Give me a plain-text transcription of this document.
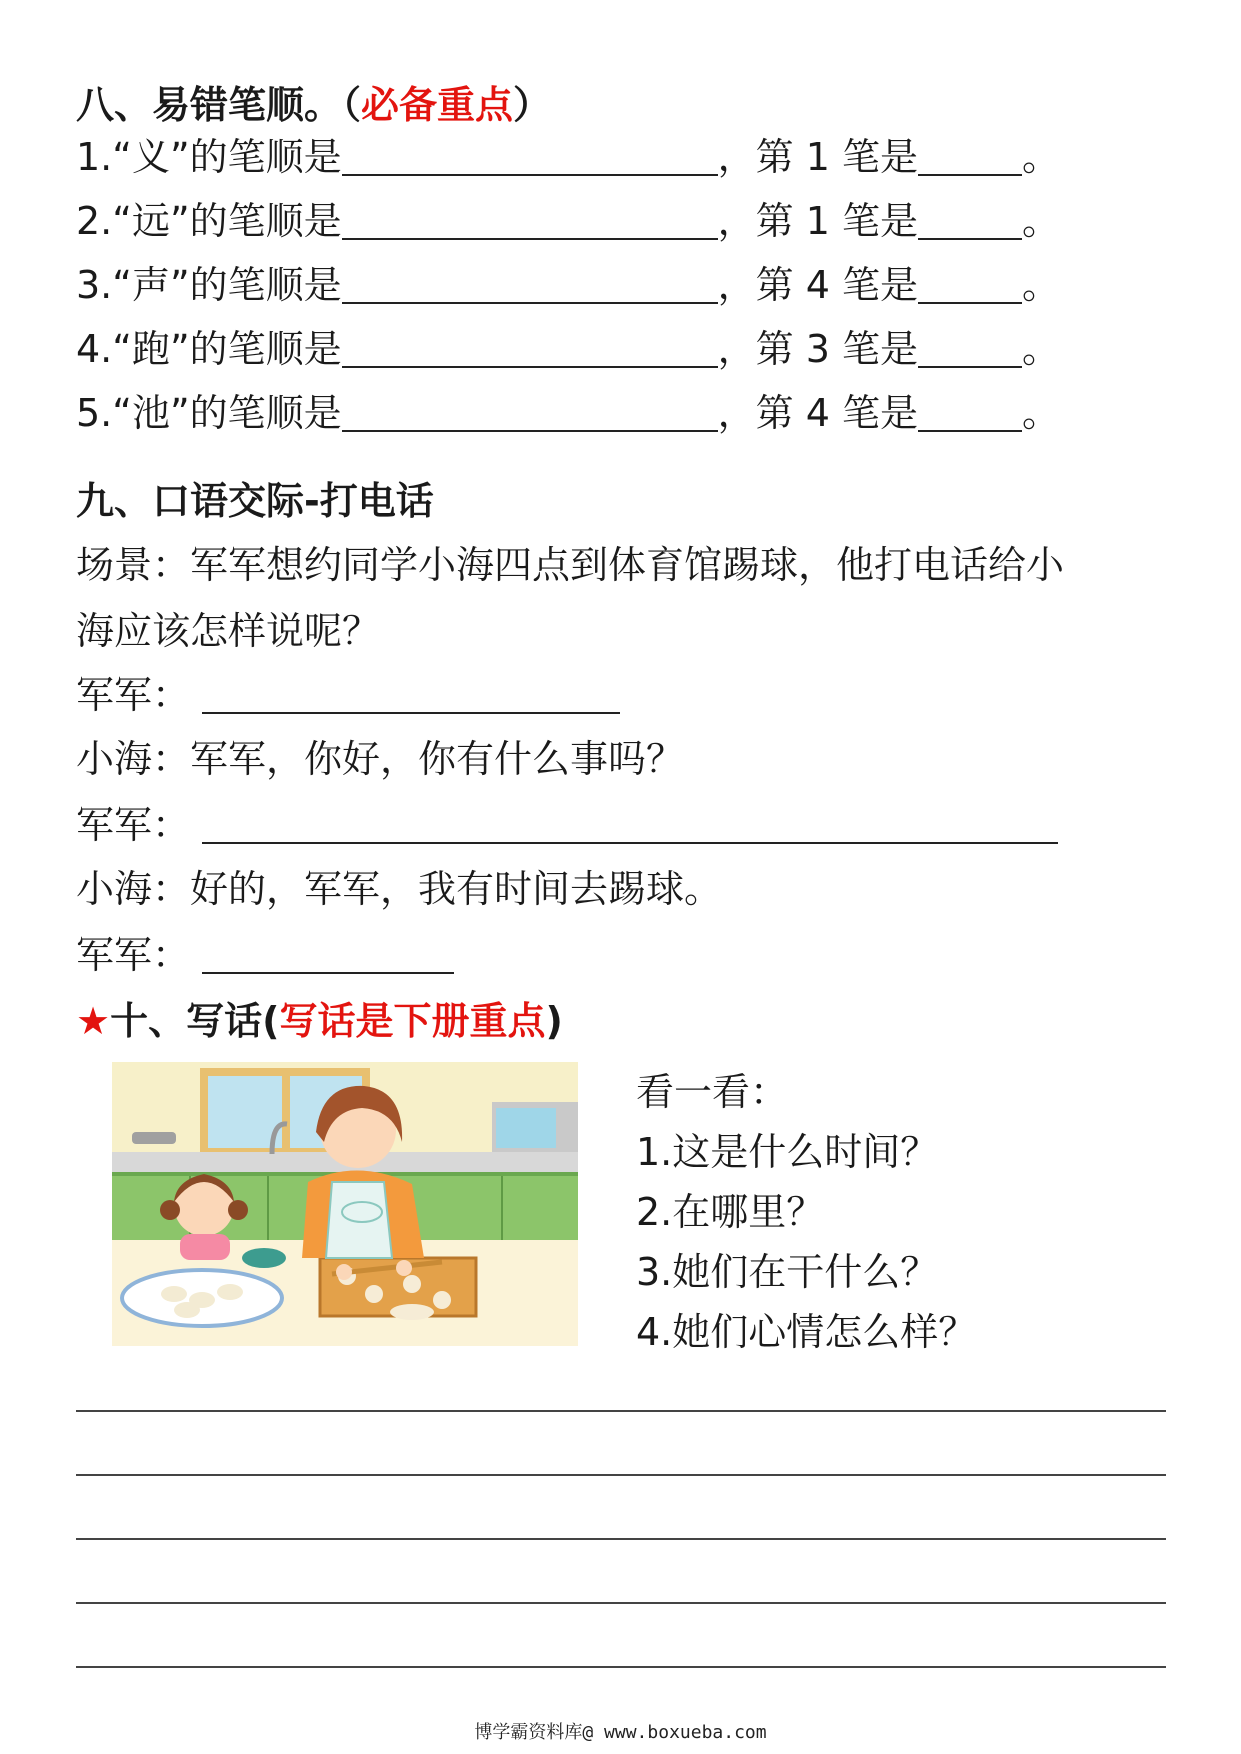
八、易错笔顺。（必备重点）
1.“义”的笔顺是	，第 1 笔是	。
2.“远”的笔顺是	，第 1 笔是	。
3.“声”的笔顺是	，第 4 笔是	。
4.“跑”的笔顺是	，第 3 笔是	。
5.“池”的笔顺是	，第 4 笔是	。
九、口语交际-打电话
场景：军军想约同学小海四点到体育馆踢球，他打电话给小
海应该怎样说呢？
军军：
小海： 军军，你好，你有什么事吗？
军军：
小海： 好的，军军，我有时间去踢球。
军军：
★十、写话(写话是下册重点)
看一看：
1.这是什么时间？
2.在哪里？
3.她们在干什么？
4.她们心情怎么样？
博学霸资料库@ www.boxueba.com
